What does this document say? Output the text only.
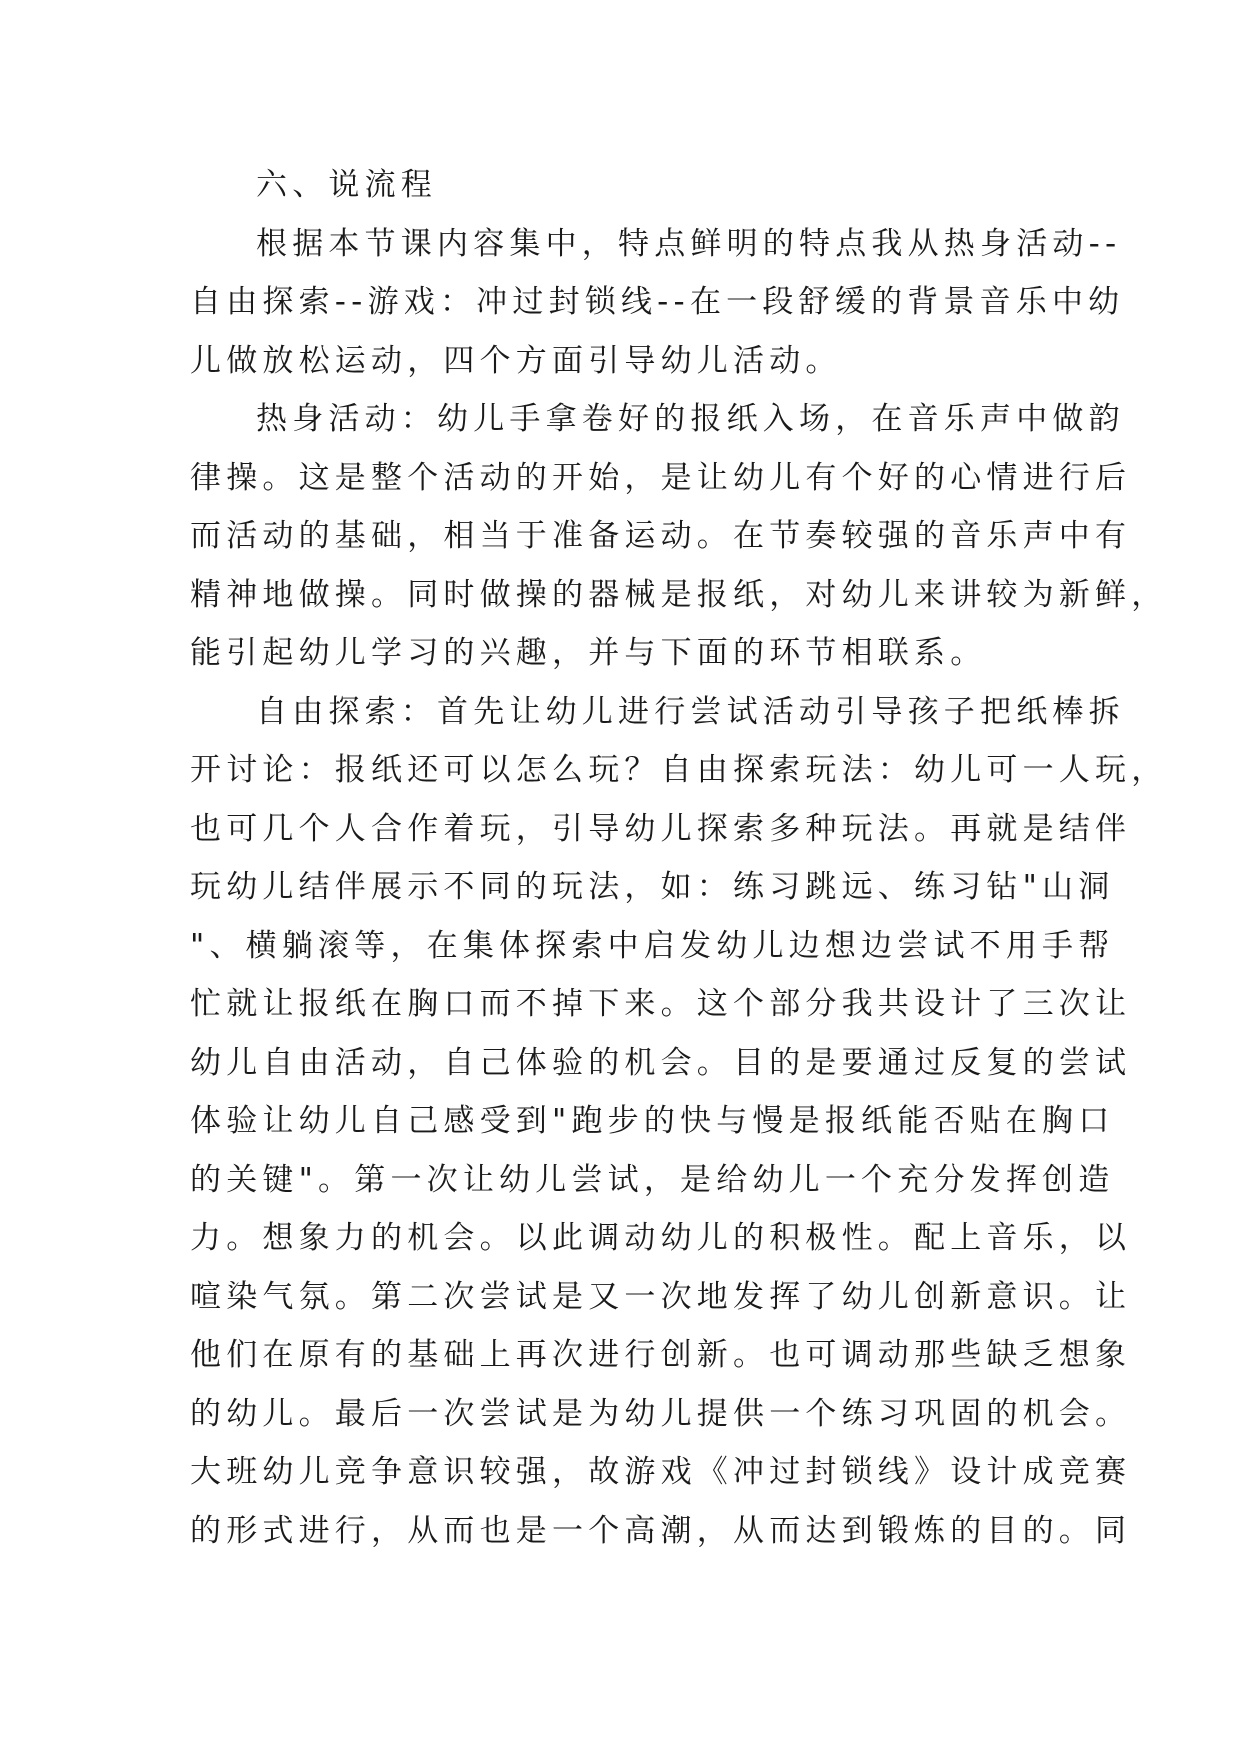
六、说流程
根据本节课内容集中，特点鲜明的特点我从热身活动--
自由探索--游戏：冲过封锁线--在一段舒缓的背景音乐中幼
儿做放松运动，四个方面引导幼儿活动。
热身活动：幼儿手拿卷好的报纸入场，在音乐声中做韵
律操。这是整个活动的开始，是让幼儿有个好的心情进行后
而活动的基础，相当于准备运动。在节奏较强的音乐声中有
精神地做操。同时做操的器械是报纸，对幼儿来讲较为新鲜，
能引起幼儿学习的兴趣，并与下面的环节相联系。
自由探索：首先让幼儿进行尝试活动引导孩子把纸棒拆
开讨论：报纸还可以怎么玩？自由探索玩法：幼儿可一人玩，
也可几个人合作着玩，引导幼儿探索多种玩法。再就是结伴
玩幼儿结伴展示不同的玩法，如：练习跳远、练习钻"山洞
"、横躺滚等，在集体探索中启发幼儿边想边尝试不用手帮
忙就让报纸在胸口而不掉下来。这个部分我共设计了三次让
幼儿自由活动，自己体验的机会。目的是要通过反复的尝试
体验让幼儿自己感受到"跑步的快与慢是报纸能否贴在胸口
的关键"。第一次让幼儿尝试，是给幼儿一个充分发挥创造
力。想象力的机会。以此调动幼儿的积极性。配上音乐，以
喧染气氛。第二次尝试是又一次地发挥了幼儿创新意识。让
他们在原有的基础上再次进行创新。也可调动那些缺乏想象
的幼儿。最后一次尝试是为幼儿提供一个练习巩固的机会。
大班幼儿竞争意识较强，故游戏《冲过封锁线》设计成竞赛
的形式进行，从而也是一个高潮，从而达到锻炼的目的。同
